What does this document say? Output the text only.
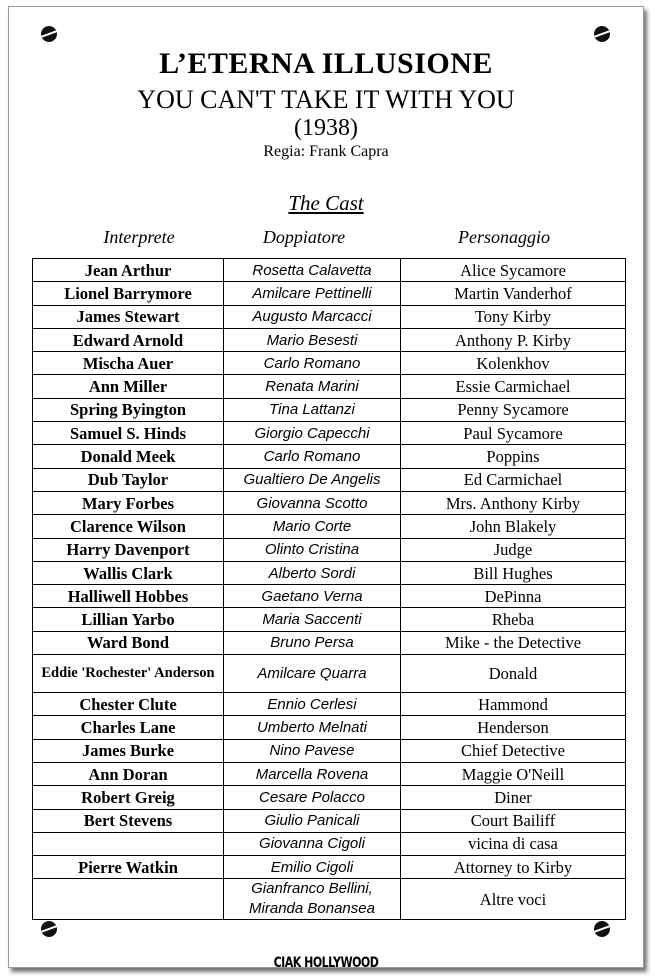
L’ETERNA ILLUSIONE
YOU CAN'T TAKE IT WITH YOU
(1938)
Regia: Frank Capra
The Cast
Interprete	Doppiatore	Personaggio
Jean Arthur	Rosetta Calavetta	Alice Sycamore
Lionel Barrymore	Amilcare Pettinelli	Martin Vanderhof
James Stewart	Augusto Marcacci	Tony Kirby
Edward Arnold	Mario Besesti	Anthony P. Kirby
Mischa Auer	Carlo Romano	Kolenkhov
Ann Miller	Renata Marini	Essie Carmichael
Spring Byington	Tina Lattanzi	Penny Sycamore
Samuel S. Hinds	Giorgio Capecchi	Paul Sycamore
Donald Meek	Carlo Romano	Poppins
Dub Taylor	Gualtiero De Angelis	Ed Carmichael
Mary Forbes	Giovanna Scotto	Mrs. Anthony Kirby
Clarence Wilson	Mario Corte	John Blakely
Harry Davenport	Olinto Cristina	Judge
Wallis Clark	Alberto Sordi	Bill Hughes
Halliwell Hobbes	Gaetano Verna	DePinna
Lillian Yarbo	Maria Saccenti	Rheba
Ward Bond	Bruno Persa	Mike - the Detective
Eddie 'Rochester' Anderson	Amilcare Quarra	Donald
Chester Clute	Ennio Cerlesi	Hammond
Charles Lane	Umberto Melnati	Henderson
James Burke	Nino Pavese	Chief Detective
Ann Doran	Marcella Rovena	Maggie O'Neill
Robert Greig	Cesare Polacco	Diner
Bert Stevens	Giulio Panicali	Court Bailiff
	Giovanna Cigoli	vicina di casa
Pierre Watkin	Emilio Cigoli	Attorney to Kirby
	Gianfranco Bellini, Miranda Bonansea	Altre voci
CIAK HOLLYWOOD
